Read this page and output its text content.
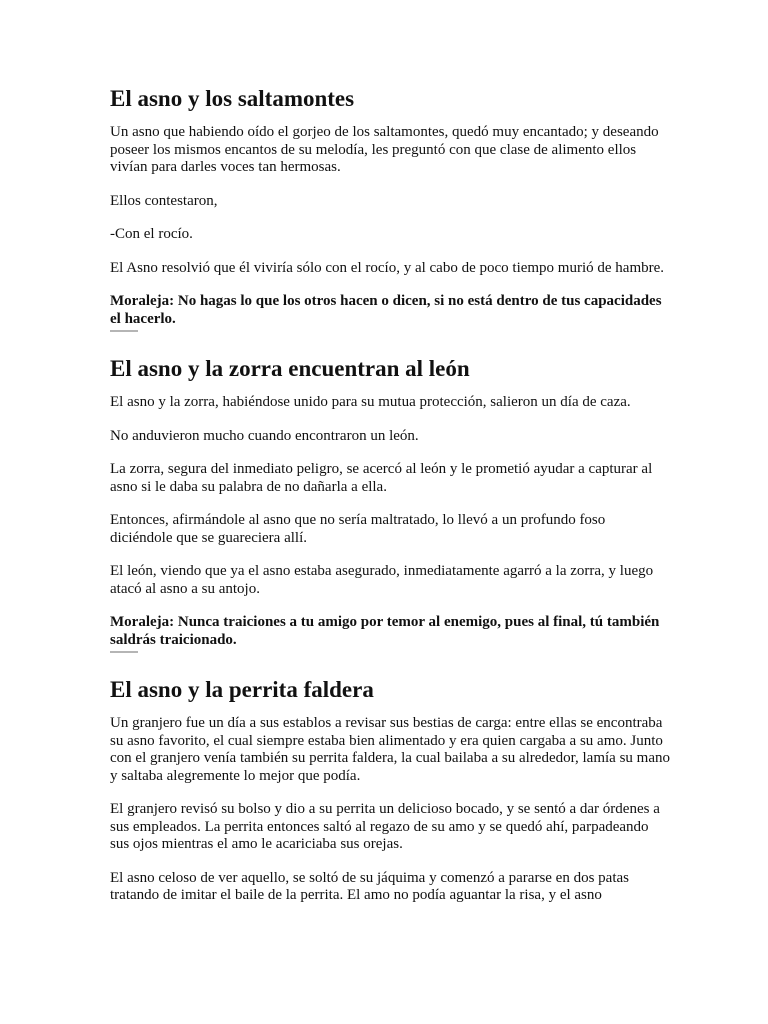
El asno y los saltamontes

Un asno que habiendo oído el gorjeo de los saltamontes, quedó muy encantado; y deseando poseer los mismos encantos de su melodía, les preguntó con que clase de alimento ellos vivían para darles voces tan hermosas.

Ellos contestaron,

-Con el rocío.

El Asno resolvió que él viviría sólo con el rocío, y al cabo de poco tiempo murió de hambre.

Moraleja: No hagas lo que los otros hacen o dicen, si no está dentro de tus capacidades el hacerlo.

El asno y la zorra encuentran al león

El asno y la zorra, habiéndose unido para su mutua protección, salieron un día de caza.

No anduvieron mucho cuando encontraron un león.

La zorra, segura del inmediato peligro, se acercó al león y le prometió ayudar a capturar al asno si le daba su palabra de no dañarla a ella.

Entonces, afirmándole al asno que no sería maltratado, lo llevó a un profundo foso diciéndole que se guareciera allí.

El león, viendo que ya el asno estaba asegurado, inmediatamente agarró a la zorra, y luego atacó al asno a su antojo.

Moraleja: Nunca traiciones a tu amigo por temor al enemigo, pues al final, tú también saldrás traicionado.

El asno y la perrita faldera

Un granjero fue un día a sus establos a revisar sus bestias de carga: entre ellas se encontraba su asno favorito, el cual siempre estaba bien alimentado y era quien cargaba a su amo. Junto con el granjero venía también su perrita faldera, la cual bailaba a su alrededor, lamía su mano y saltaba alegremente lo mejor que podía.

El granjero revisó su bolso y dio a su perrita un delicioso bocado, y se sentó a dar órdenes a sus empleados. La perrita entonces saltó al regazo de su amo y se quedó ahí, parpadeando sus ojos mientras el amo le acariciaba sus orejas.

El asno celoso de ver aquello, se soltó de su jáquima y comenzó a pararse en dos patas tratando de imitar el baile de la perrita. El amo no podía aguantar la risa, y el asno
